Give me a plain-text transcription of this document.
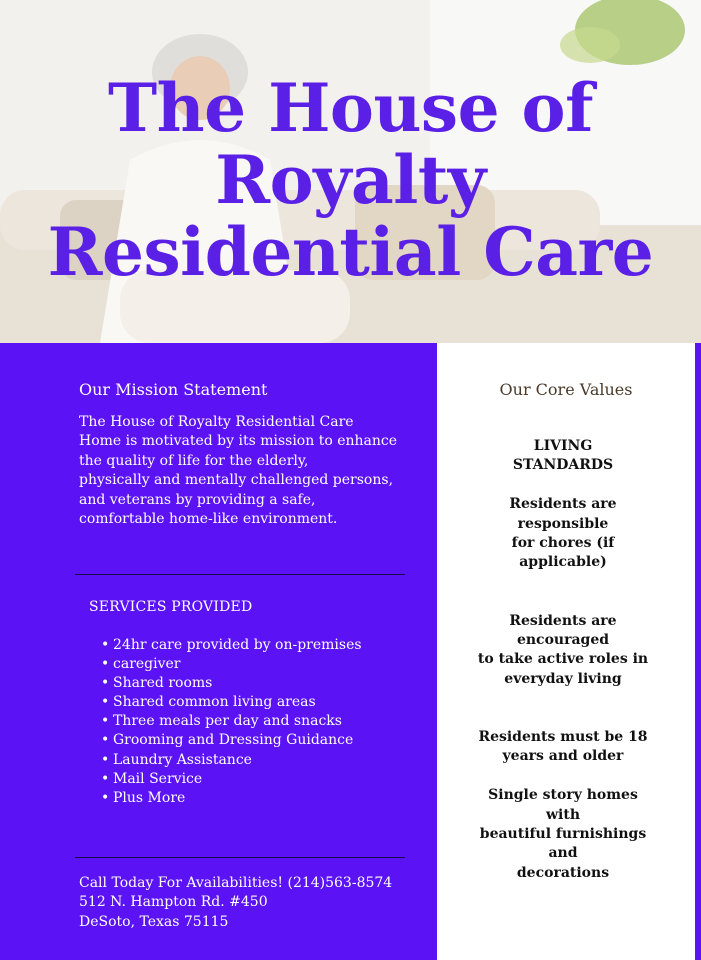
The House of
Royalty
Residential Care
Our Mission Statement

The House of Royalty Residential Care
Home is motivated by its mission to enhance
the quality of life for the elderly,
physically and mentally challenged persons,
and veterans by providing a safe,
comfortable home-like environment.

SERVICES PROVIDED
• 24hr care provided by on-premises
• caregiver
• Shared rooms
• Shared common living areas
• Three meals per day and snacks
• Grooming and Dressing Guidance
• Laundry Assistance
• Mail Service
• Plus More

Call Today For Availabilities! (214)563-8574
512 N. Hampton Rd. #450
DeSoto, Texas 75115

Our Core Values
LIVING
STANDARDS
Residents are
responsible
for chores (if
applicable)
Residents are
encouraged
to take active roles in
everyday living
Residents must be 18
years and older
Single story homes
with
beautiful furnishings
and
decorations
